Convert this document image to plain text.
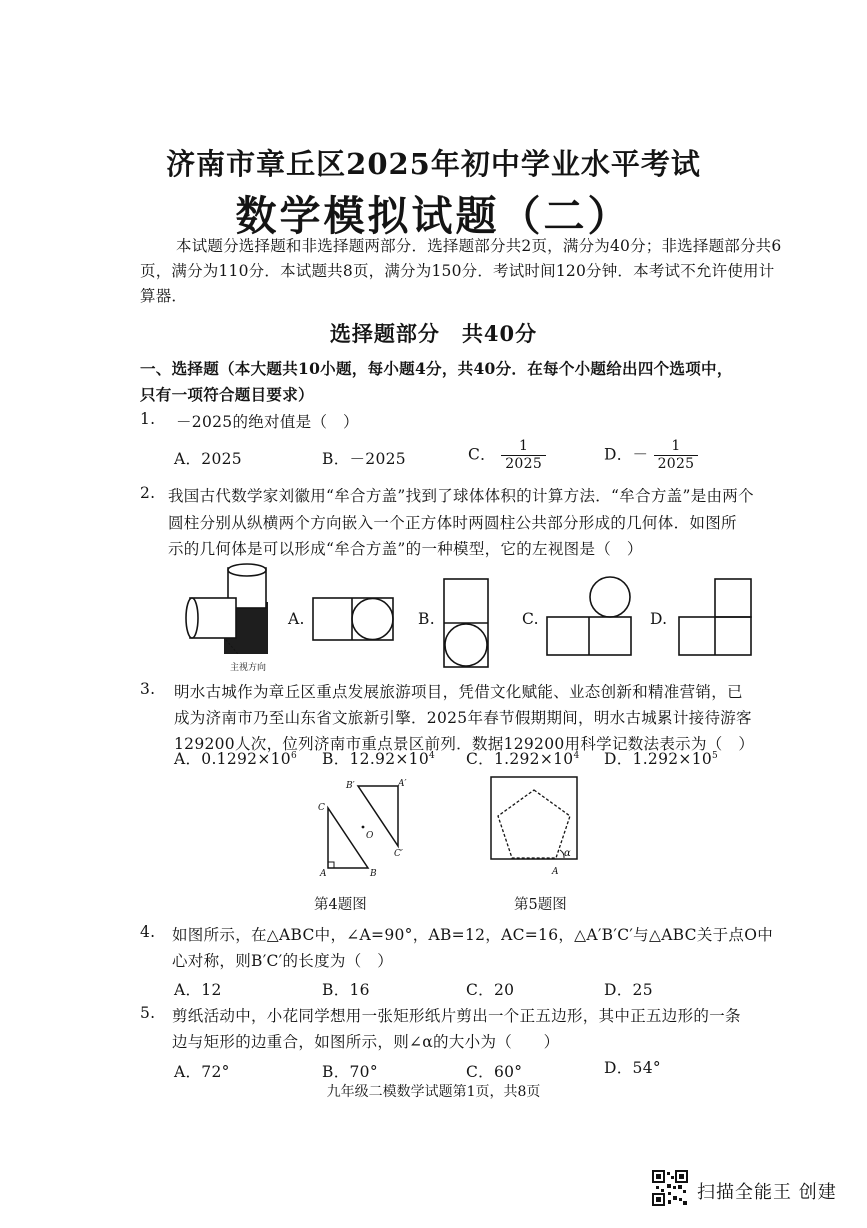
济南市章丘区2025年初中学业水平考试
数学模拟试题（二）
本试题分选择题和非选择题两部分．选择题部分共2页，满分为40分；非选择题部分共6页，满分为110分．本试题共8页，满分为150分．考试时间120分钟．本考试不允许使用计算器．
选择题部分　共40分
一、选择题（本大题共10小题，每小题4分，共40分．在每个小题给出四个选项中，
只有一项符合题目要求）
1. －2025的绝对值是（　）
A．2025	B．－2025	C． $\frac{1}{2025}$	D．－ $\frac{1}{2025}$
2. 我国古代数学家刘徽用“牟合方盖”找到了球体体积的计算方法．“牟合方盖”是由两个
圆柱分别从纵横两个方向嵌入一个正方体时两圆柱公共部分形成的几何体．如图所
示的几何体是可以形成“牟合方盖”的一种模型，它的左视图是（　）
主视方向
A.	B.	C.	D.
3. 明水古城作为章丘区重点发展旅游项目，凭借文化赋能、业态创新和精准营销，已
成为济南市乃至山东省文旅新引擎．2025年春节假期期间，明水古城累计接待游客
129200人次，位列济南市重点景区前列．数据129200用科学记数法表示为（　）
A．$0.1292\times 10^6$ B．$12.92\times 10^4$ C．$1.292\times 10^4$ D．$1.292\times 10^5$
A	B
C
O
A′
B′
C′
第4题图
α
A
第5题图
4. 如图所示，在△ABC中，∠A=90°，AB=12，AC=16，△A′B′C′与△ABC关于点O中
心对称，则B′C′的长度为（　）
A．12	B．16	C．20	D．25
5. 剪纸活动中，小花同学想用一张矩形纸片剪出一个正五边形，其中正五边形的一条
边与矩形的边重合，如图所示，则∠α的大小为（　　）
A．72°	B．70°	C．60°	D．54°
九年级二模数学试题第1页，共8页
扫描全能王 创建
